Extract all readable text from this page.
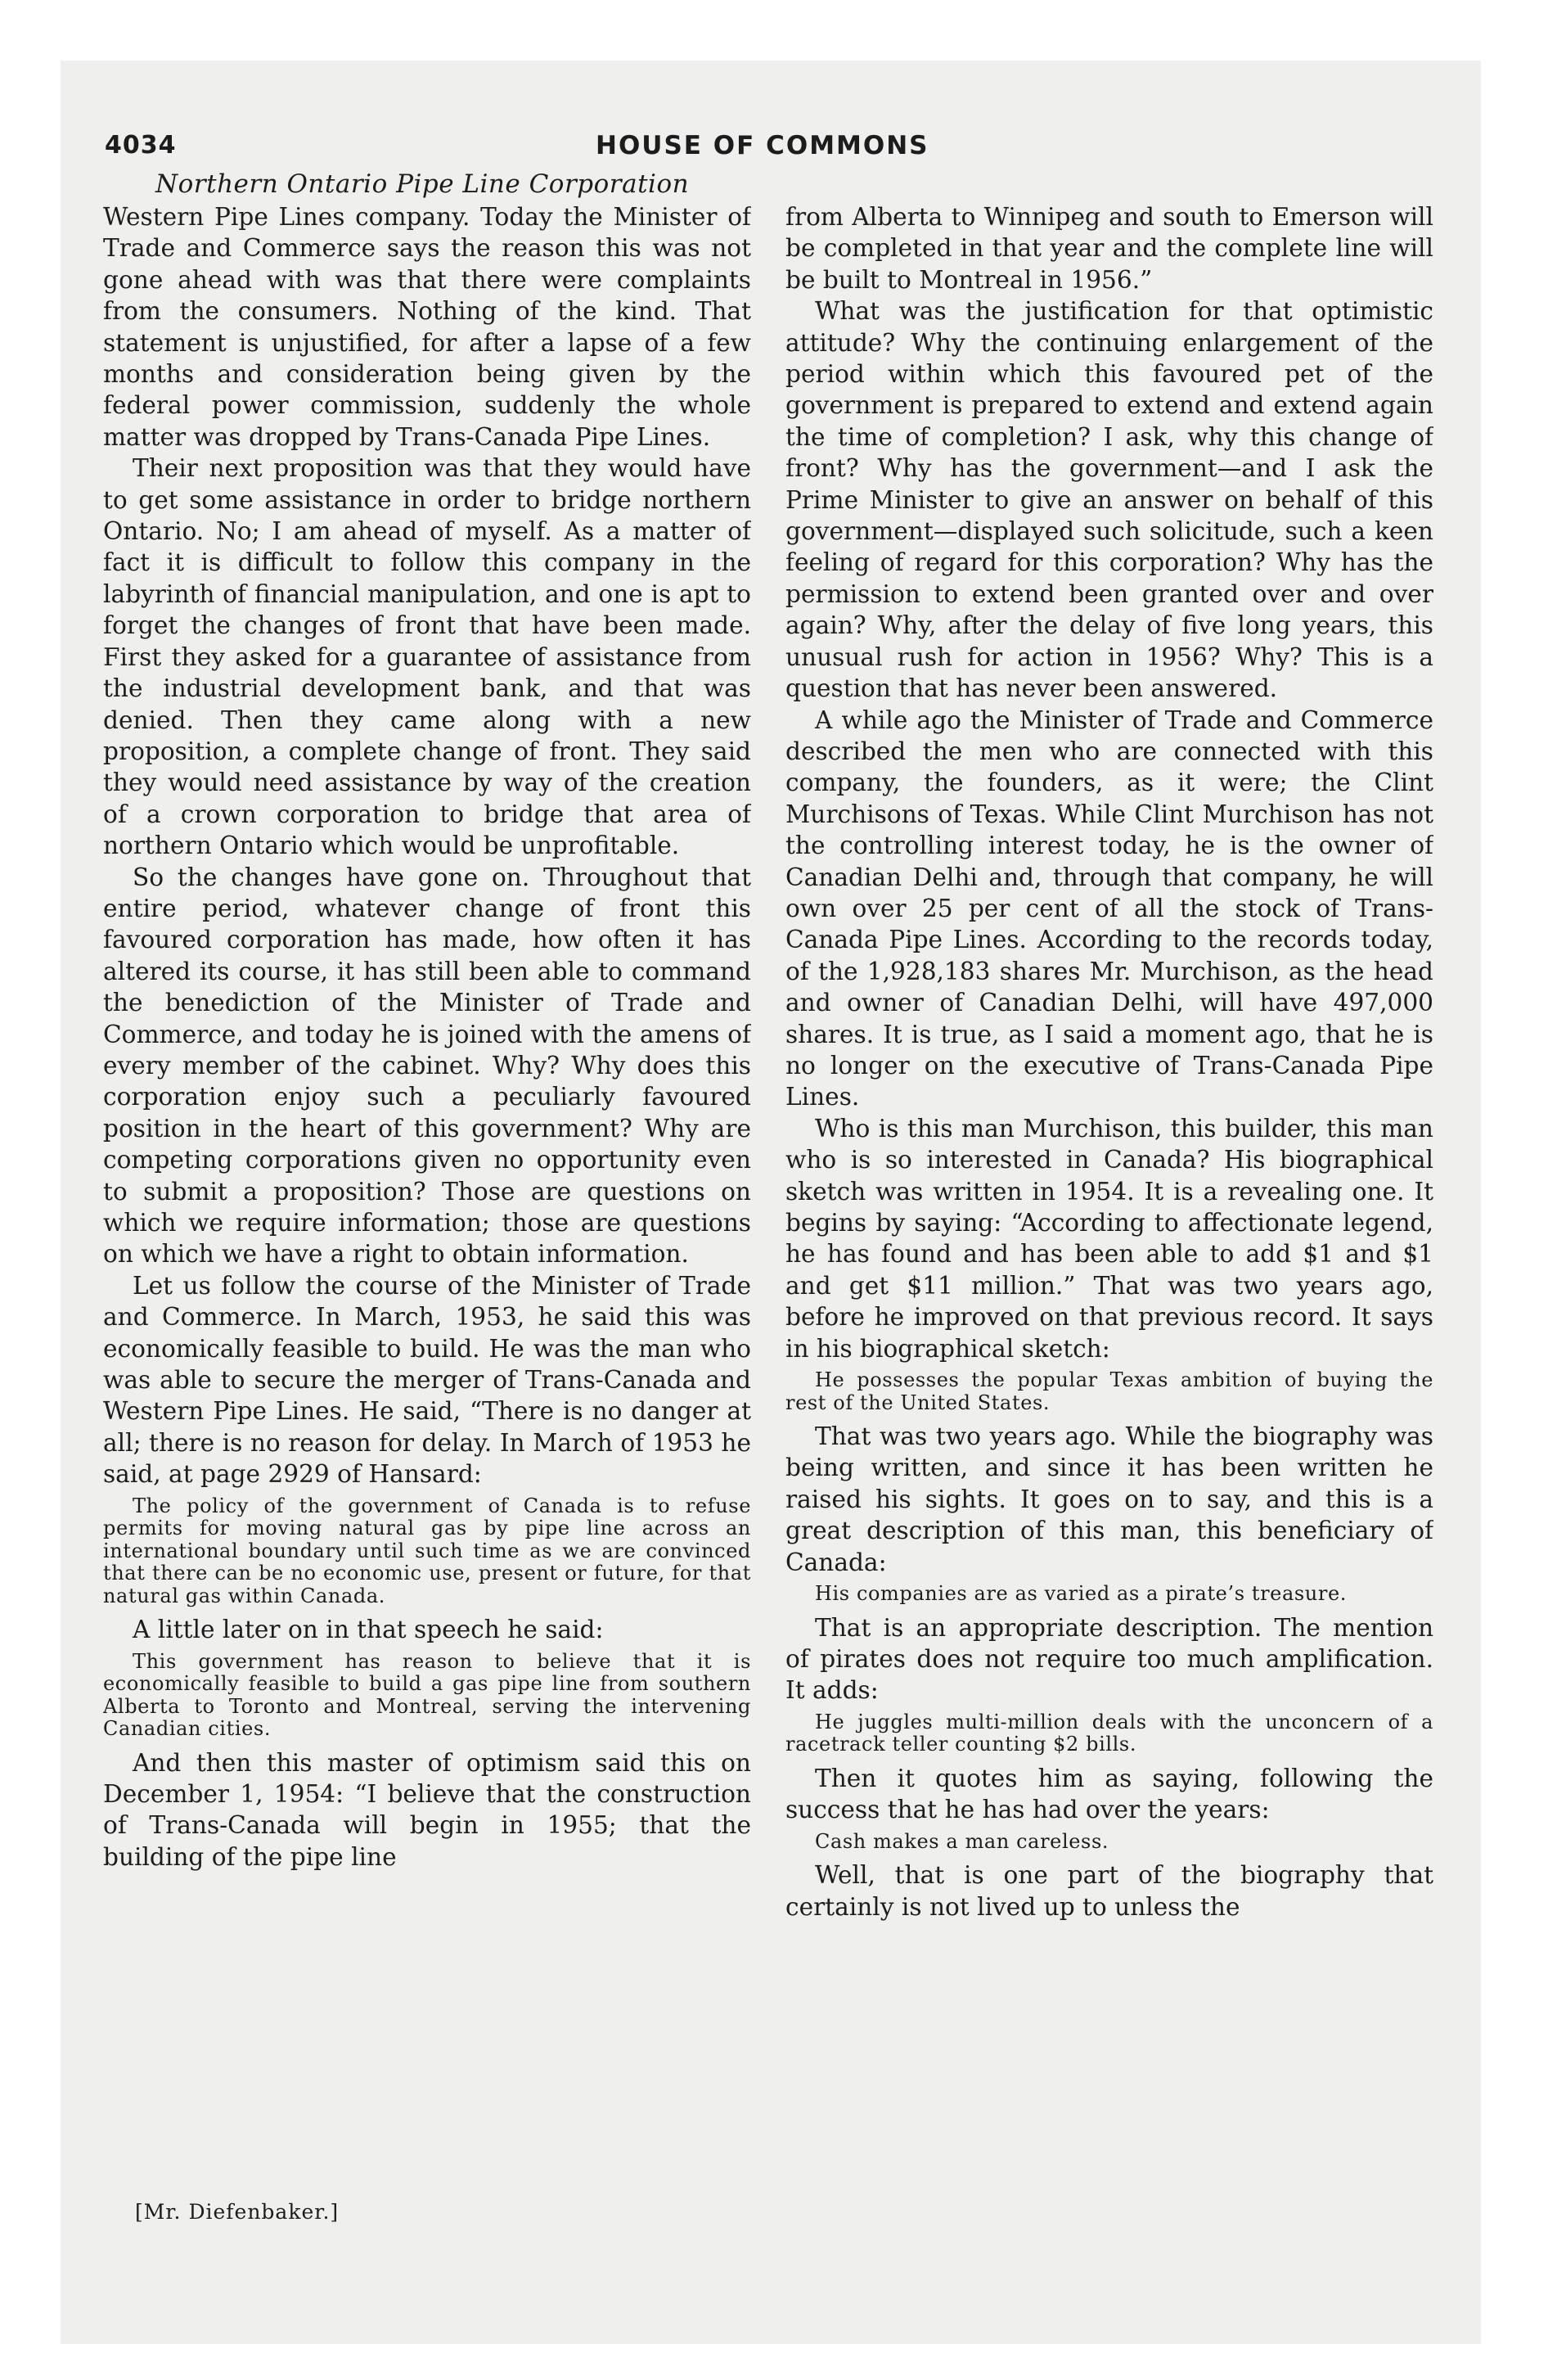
4034	HOUSE OF COMMONS
Northern Ontario Pipe Line Corporation

Western Pipe Lines company. Today the Minister of Trade and Commerce says the reason this was not gone ahead with was that there were complaints from the consumers. Nothing of the kind. That statement is unjustified, for after a lapse of a few months and consideration being given by the federal power commission, suddenly the whole matter was dropped by Trans-Canada Pipe Lines.

Their next proposition was that they would have to get some assistance in order to bridge northern Ontario. No; I am ahead of myself. As a matter of fact it is difficult to follow this company in the labyrinth of financial manipulation, and one is apt to forget the changes of front that have been made. First they asked for a guarantee of assistance from the industrial development bank, and that was denied. Then they came along with a new proposition, a complete change of front. They said they would need assistance by way of the creation of a crown corporation to bridge that area of northern Ontario which would be unprofitable.

So the changes have gone on. Throughout that entire period, whatever change of front this favoured corporation has made, how often it has altered its course, it has still been able to command the benediction of the Minister of Trade and Commerce, and today he is joined with the amens of every member of the cabinet. Why? Why does this corporation enjoy such a peculiarly favoured position in the heart of this government? Why are competing corporations given no opportunity even to submit a proposition? Those are questions on which we require information; those are questions on which we have a right to obtain information.

Let us follow the course of the Minister of Trade and Commerce. In March, 1953, he said this was economically feasible to build. He was the man who was able to secure the merger of Trans-Canada and Western Pipe Lines. He said, “There is no danger at all; there is no reason for delay. In March of 1953 he said, at page 2929 of Hansard:

The policy of the government of Canada is to refuse permits for moving natural gas by pipe line across an international boundary until such time as we are convinced that there can be no economic use, present or future, for that natural gas within Canada.

A little later on in that speech he said:

This government has reason to believe that it is economically feasible to build a gas pipe line from southern Alberta to Toronto and Montreal, serving the intervening Canadian cities.

And then this master of optimism said this on December 1, 1954: “I believe that the construction of Trans-Canada will begin in 1955; that the building of the pipe line

from Alberta to Winnipeg and south to Emerson will be completed in that year and the complete line will be built to Montreal in 1956.”

What was the justification for that optimistic attitude? Why the continuing enlargement of the period within which this favoured pet of the government is prepared to extend and extend again the time of completion? I ask, why this change of front? Why has the government—and I ask the Prime Minister to give an answer on behalf of this government—displayed such solicitude, such a keen feeling of regard for this corporation? Why has the permission to extend been granted over and over again? Why, after the delay of five long years, this unusual rush for action in 1956? Why? This is a question that has never been answered.

A while ago the Minister of Trade and Commerce described the men who are connected with this company, the founders, as it were; the Clint Murchisons of Texas. While Clint Murchison has not the controlling interest today, he is the owner of Canadian Delhi and, through that company, he will own over 25 per cent of all the stock of Trans-Canada Pipe Lines. According to the records today, of the 1,928,183 shares Mr. Murchison, as the head and owner of Canadian Delhi, will have 497,000 shares. It is true, as I said a moment ago, that he is no longer on the executive of Trans-Canada Pipe Lines.

Who is this man Murchison, this builder, this man who is so interested in Canada? His biographical sketch was written in 1954. It is a revealing one. It begins by saying: “According to affectionate legend, he has found and has been able to add $1 and $1 and get $11 million.” That was two years ago, before he improved on that previous record. It says in his biographical sketch:

He possesses the popular Texas ambition of buying the rest of the United States.

That was two years ago. While the biography was being written, and since it has been written he raised his sights. It goes on to say, and this is a great description of this man, this beneficiary of Canada:

His companies are as varied as a pirate’s treasure.

That is an appropriate description. The mention of pirates does not require too much amplification. It adds:

He juggles multi-million deals with the unconcern of a racetrack teller counting $2 bills.

Then it quotes him as saying, following the success that he has had over the years:

Cash makes a man careless.

Well, that is one part of the biography that certainly is not lived up to unless the

[Mr. Diefenbaker.]
